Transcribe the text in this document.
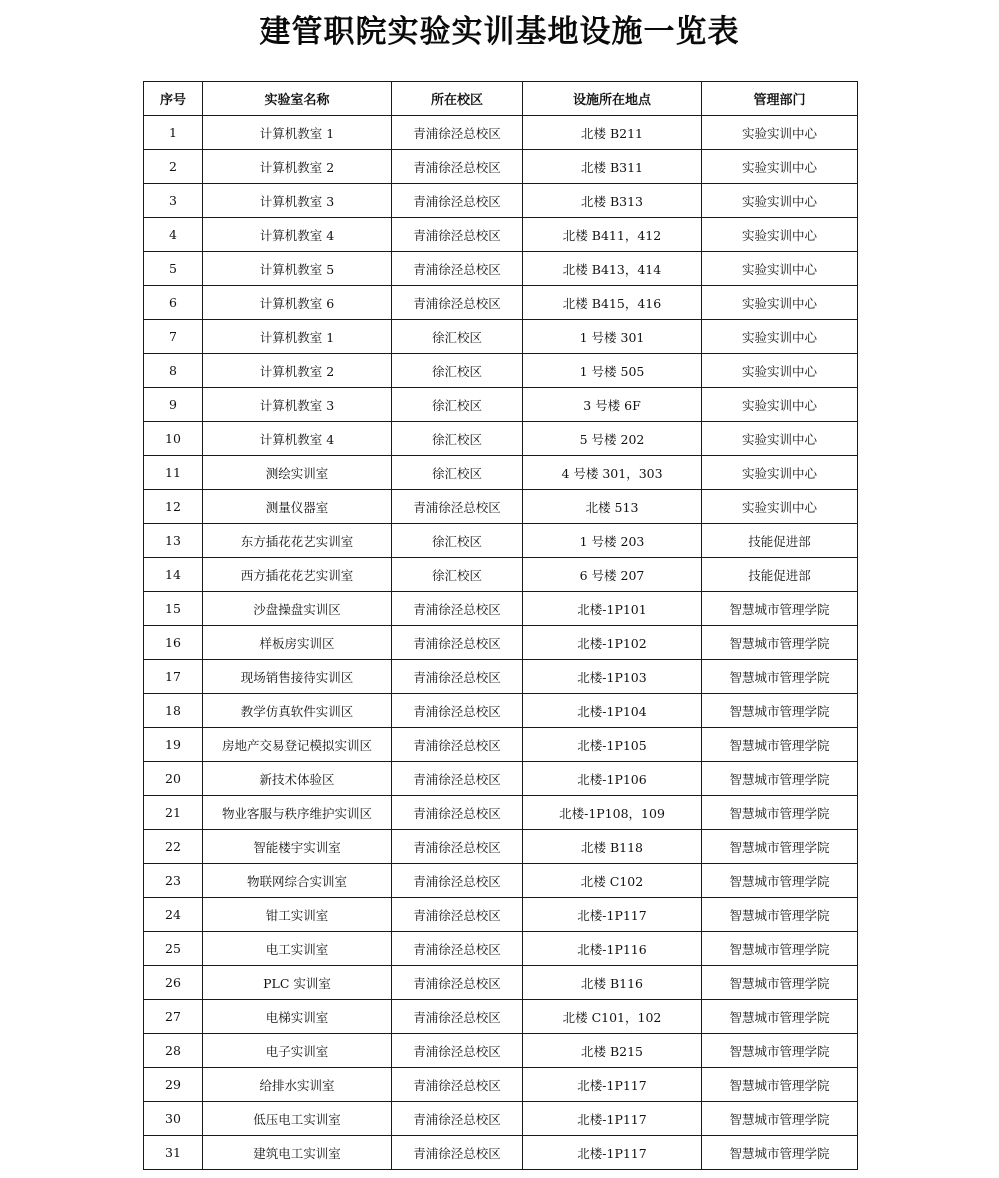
建管职院实验实训基地设施一览表
序号	实验室名称	所在校区	设施所在地点	管理部门
1	计算机教室 1	青浦徐泾总校区	北楼 B211	实验实训中心
2	计算机教室 2	青浦徐泾总校区	北楼 B311	实验实训中心
3	计算机教室 3	青浦徐泾总校区	北楼 B313	实验实训中心
4	计算机教室 4	青浦徐泾总校区	北楼 B411，412	实验实训中心
5	计算机教室 5	青浦徐泾总校区	北楼 B413，414	实验实训中心
6	计算机教室 6	青浦徐泾总校区	北楼 B415，416	实验实训中心
7	计算机教室 1	徐汇校区	1 号楼 301	实验实训中心
8	计算机教室 2	徐汇校区	1 号楼 505	实验实训中心
9	计算机教室 3	徐汇校区	3 号楼 6F	实验实训中心
10	计算机教室 4	徐汇校区	5 号楼 202	实验实训中心
11	测绘实训室	徐汇校区	4 号楼 301，303	实验实训中心
12	测量仪器室	青浦徐泾总校区	北楼 513	实验实训中心
13	东方插花花艺实训室	徐汇校区	1 号楼 203	技能促进部
14	西方插花花艺实训室	徐汇校区	6 号楼 207	技能促进部
15	沙盘操盘实训区	青浦徐泾总校区	北楼-1P101	智慧城市管理学院
16	样板房实训区	青浦徐泾总校区	北楼-1P102	智慧城市管理学院
17	现场销售接待实训区	青浦徐泾总校区	北楼-1P103	智慧城市管理学院
18	教学仿真软件实训区	青浦徐泾总校区	北楼-1P104	智慧城市管理学院
19	房地产交易登记模拟实训区	青浦徐泾总校区	北楼-1P105	智慧城市管理学院
20	新技术体验区	青浦徐泾总校区	北楼-1P106	智慧城市管理学院
21	物业客服与秩序维护实训区	青浦徐泾总校区	北楼-1P108，109	智慧城市管理学院
22	智能楼宇实训室	青浦徐泾总校区	北楼 B118	智慧城市管理学院
23	物联网综合实训室	青浦徐泾总校区	北楼 C102	智慧城市管理学院
24	钳工实训室	青浦徐泾总校区	北楼-1P117	智慧城市管理学院
25	电工实训室	青浦徐泾总校区	北楼-1P116	智慧城市管理学院
26	PLC 实训室	青浦徐泾总校区	北楼 B116	智慧城市管理学院
27	电梯实训室	青浦徐泾总校区	北楼 C101，102	智慧城市管理学院
28	电子实训室	青浦徐泾总校区	北楼 B215	智慧城市管理学院
29	给排水实训室	青浦徐泾总校区	北楼-1P117	智慧城市管理学院
30	低压电工实训室	青浦徐泾总校区	北楼-1P117	智慧城市管理学院
31	建筑电工实训室	青浦徐泾总校区	北楼-1P117	智慧城市管理学院
